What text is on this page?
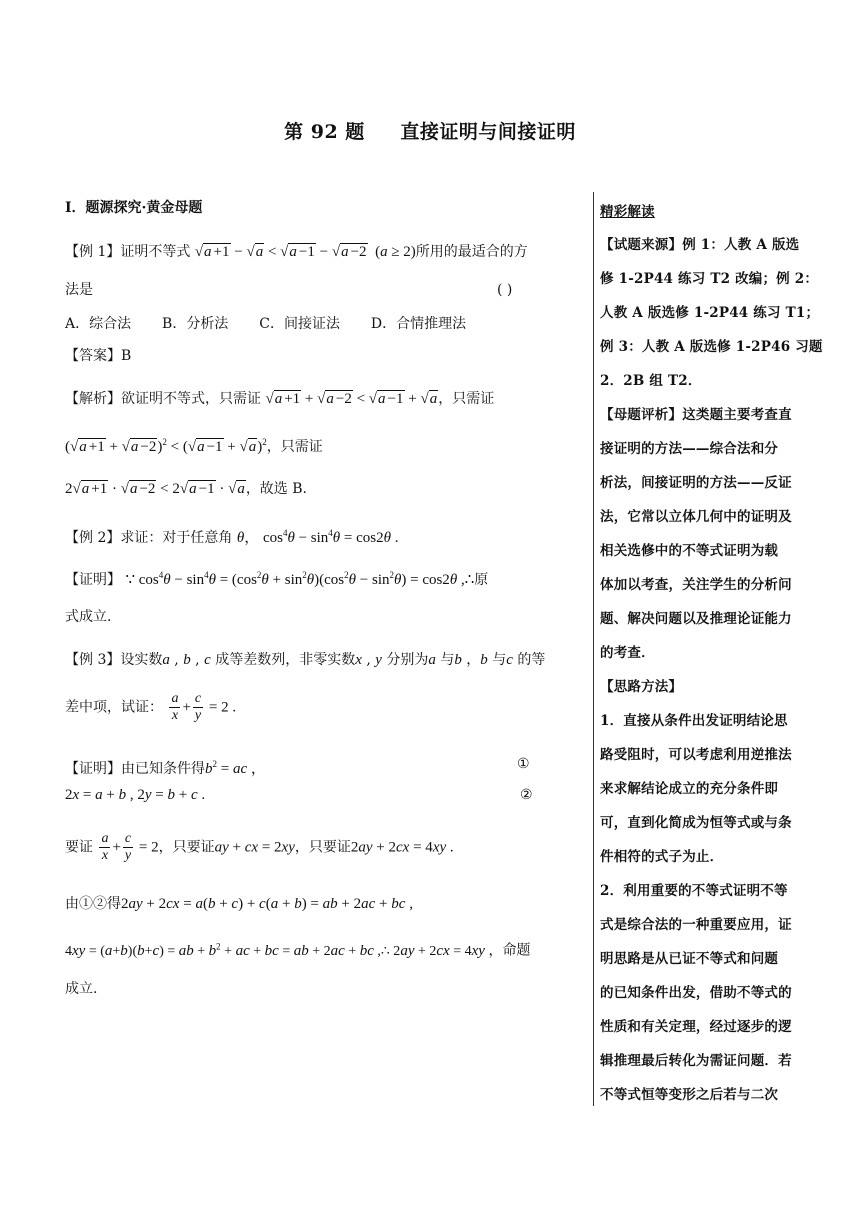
第 92 题     直接证明与间接证明
I．题源探究·黄金母题
【例 1】证明不等式 √a +1 − √a < √a −1 − √a −2  (a ≥ 2)所用的最适合的方
法是	( )
A．综合法 B．分析法 C．间接证法 D．合情推理法
【答案】B
【解析】欲证明不等式，只需证 √a +1 + √a −2 < √a −1 + √a，只需证
$(√a +1 + √a -2)^2 < (√a -1 + √a)^2$，只需证
2√a +1 · √a −2 < 2√a −1 · √a，故选 B.
【例 2】求证：对于任意角 θ， $\cos^4\theta - \sin^4\theta = \cos 2\theta$ .
【证明】 ∵ $\cos^4\theta - \sin^4\theta = (\cos^2\theta + \sin^2\theta)(\cos^2\theta - \sin^2\theta) = \cos 2\theta$ ,∴原
式成立.
【例 3】设实数a , b , c 成等差数列，非零实数x , y 分别为a 与b ，b 与c 的等
差中项，试证： $\frac{a}{x} + \frac{c}{y} = 2$ .
【证明】由已知条件得$b^2$ = ac ，	①
2x = a + b , 2y = b + c .	②
要证 $\frac{a}{x} + \frac{c}{y} = 2$，只要证ay + cx = 2xy，只要证2ay + 2cx = 4xy .
由①②得2ay + 2cx = a(b + c) + c(a + b) = ab + 2ac + bc ,
4xy = (a+b)(b+c) = ab + $b^2$ + ac + bc = ab + 2ac + bc ,∴ 2ay + 2cx = 4xy ，命题
成立.
精彩解读
【试题来源】例 1：人教 A 版选
修 1-2P44 练习 T2 改编；例 2：
人教 A 版选修 1-2P44 练习 T1；
例 3：人教 A 版选修 1-2P46 习题
2．2B 组 T2．
【母题评析】这类题主要考查直
接证明的方法——综合法和分
析法，间接证明的方法——反证
法，它常以立体几何中的证明及
相关选修中的不等式证明为载
体加以考查，关注学生的分析问
题、解决问题以及推理论证能力
的考查．
【思路方法】
1．直接从条件出发证明结论思
路受阻时，可以考虑利用逆推法
来求解结论成立的充分条件即
可，直到化简成为恒等式或与条
件相符的式子为止．
2．利用重要的不等式证明不等
式是综合法的一种重要应用，证
明思路是从已证不等式和问题
的已知条件出发，借助不等式的
性质和有关定理，经过逐步的逻
辑推理最后转化为需证问题．若
不等式恒等变形之后若与二次
